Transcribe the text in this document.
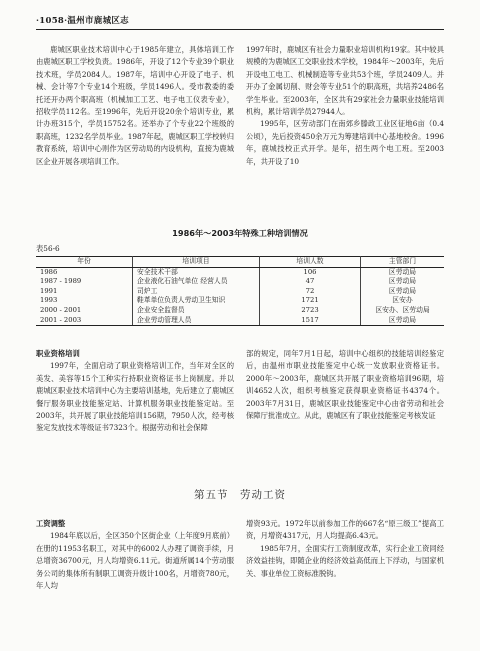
·1058·温州市鹿城区志

鹿城区职业技术培训中心于1985年建立，具体培训工作由鹿城区职工学校负责。1986年，开设了12个专业39个职业技术班，学员2084人。1987年，培训中心开设了电子、机械、会计等7个专业14个班级，学员1496人。受市教委的委托还开办两个职高班（机械加工工艺、电子电工仪表专业），招收学员112名。至1996年，先后开设20余个培训专业，累计办班315个，学员15752名。还举办了个专业22个班级的职高班，1232名学员毕业。1987年起，鹿城区职工学校转归教育系统，培训中心则作为区劳动局的内设机构，直接为鹿城区企业开展各项培训工作。

1997年时，鹿城区有社会力量职业培训机构19家。其中较具规模的为鹿城区工交职业技术学校，1984年～2003年，先后开设电工电工、机械制造等专业共53个班，学员2409人。并开办了金属切削、财会等专业51个的职高班，共培养2486名学生毕业。至2003年，全区共有29家社会力量职业技能培训机构，累计培训学员27944人。

1995年，区劳动部门在南郊乡滕政工业区征地6亩（0.4公顷），先后投资450余万元为筹建培训中心基地校舍。1996年，鹿城技校正式开学。是年，招生两个电工班。至2003年，共开设了10

1986年～2003年特殊工种培训情况
表56-6
年份	培训项目	培训人数	主管部门
1986	安全技术干部	106	区劳动局
1987 - 1989	企业液化石油气单位 经营人员	47	区劳动局
1991	司炉工	72	区劳动局
1993	鞋革单位负责人劳动卫生知识	1721	区安办
2000 - 2001	企业安全监督员	2723	区安办、区劳动局
2001 - 2003	企业劳动管理人员	1517	区劳动局

职业资格培训

1997年，全面启动了职业资格培训工作，当年对全区的美发、美容等15个工种实行持职业资格证书上岗制度。并以鹿城区职业技术培训中心为主要培训基地，先后建立了鹿城区餐厅服务职业技能鉴定站、计算机服务职业技能鉴定站。至2003年，共开展了职业技能培训156期，7950人次，经考核鉴定发放技术等级证书7323个。根据劳动和社会保障

部的规定，同年7月1日起，培训中心组织的技能培训经鉴定后，由温州市职业技能鉴定中心统一发放职业资格证书。2000年～2003年，鹿城区共开展了职业资格培训96期，培训4652人次，组织考核鉴定获得职业资格证书4374个。2003年7月31日，鹿城区职业技能鉴定中心由省劳动和社会保障厅批准成立。从此，鹿城区有了职业技能鉴定考核发证

第五节　劳动工资

工资调整

1984年底以后，全区350个区街企业（上年度9月底前）在册的11953名职工，对其中的6002人办理了调资手续，月总增资36700元，月人均增资6.11元。街道所属14个劳动服务公司的集体所有制职工调资升级计100名，月增资780元，年人均

增资93元。1972年以前参加工作的667名“原三级工”提高工资，月增资4317元，月人均提高6.43元。

1985年7月，全面实行工资制度改革，实行企业工资同经济效益挂钩，即随企业的经济效益高低而上下浮动，与国家机关、事业单位工资标准脱钩。
